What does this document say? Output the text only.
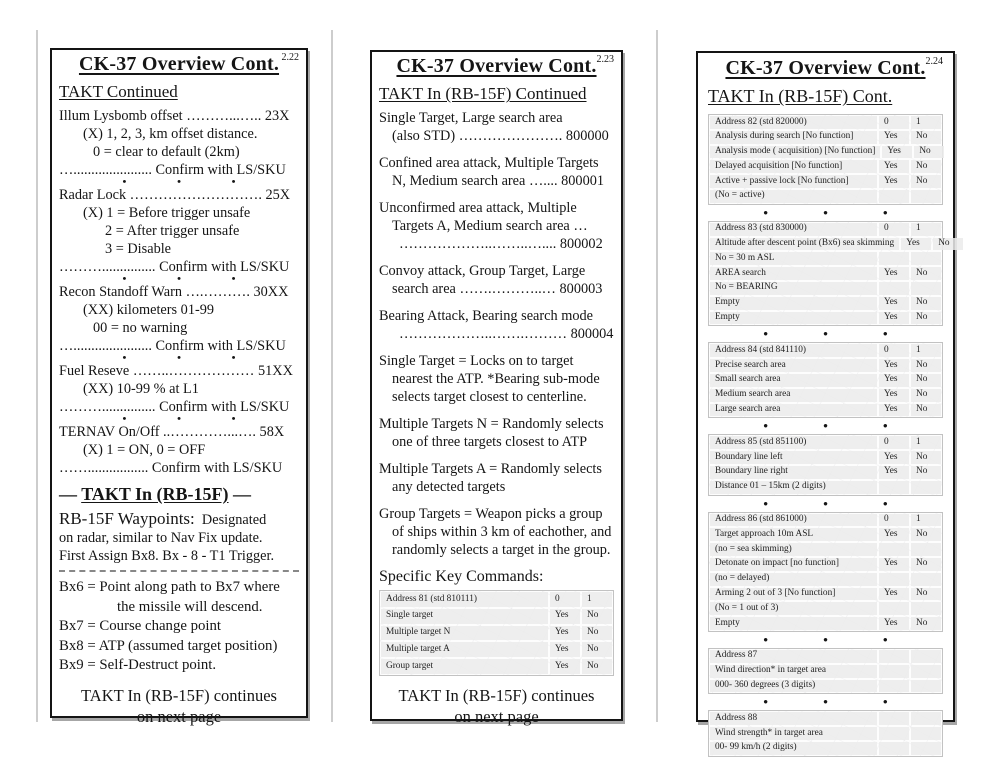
CK-37 Overview Cont. 2.22
TAKT Continued
Illum Lysbomb offset ………...….. 23X
(X) 1, 2, 3, km offset distance.
0 = clear to default (2km)
…...................... Confirm with LS/SKU
• • •
Radar Lock ………………………. 25X
(X) 1 = Before trigger unsafe
2 = After trigger unsafe
3 = Disable
………............... Confirm with LS/SKU
• • •
Recon Standoff Warn ….………. 30XX
(XX) kilometers 01-99
00 = no warning
…...................... Confirm with LS/SKU
• • •
Fuel Reseve ……..……………… 51XX
(XX) 10-99 % at L1
………............... Confirm with LS/SKU
• • •
TERNAV On/Off ..…………...…. 58X
(X) 1 = ON, 0 = OFF
……................. Confirm with LS/SKU
— TAKT In (RB-15F) —
RB-15F Waypoints: Designated
on radar, similar to Nav Fix update.
First Assign Bx8. Bx - 8 - T1 Trigger.
Bx6 = Point along path to Bx7 where
the missile will descend.
Bx7 = Course change point
Bx8 = ATP (assumed target position)
Bx9 = Self-Destruct point.
TAKT In (RB-15F) continues
on next page
CK-37 Overview Cont. 2.23
TAKT In (RB-15F) Continued
Single Target, Large search area
(also STD) …………………. 800000
Confined area attack, Multiple Targets
N, Medium search area ….... 800001
Unconfirmed area attack, Multiple
Targets A, Medium search area …
………………..……..….... 800002
Convoy attack, Group Target, Large
search area …….………..… 800003
Bearing Attack, Bearing search mode
………………..…….……… 800004
Single Target = Locks on to target
nearest the ATP. *Bearing sub-mode
selects target closest to centerline.
Multiple Targets N = Randomly selects
one of three targets closest to ATP
Multiple Targets A = Randomly selects
any detected targets
Group Targets = Weapon picks a group
of ships within 3 km of eachother, and
randomly selects a target in the group.
Specific Key Commands:
Address 81 (std 810111)	0	1
Single target	Yes	No
Multiple target N	Yes	No
Multiple target A	Yes	No
Group target	Yes	No
TAKT In (RB-15F) continues
on next page
CK-37 Overview Cont. 2.24
TAKT In (RB-15F) Cont.
Address 82 (std 820000)	0	1
Analysis during search [No function]	Yes	No
Analysis mode ( acquisition) [No function]	Yes	No
Delayed acquisition [No function]	Yes	No
Active + passive lock [No function]	Yes	No
(No = active)
• • •
Address 83 (std 830000)	0	1
Altitude after descent point (Bx6) sea skimming	Yes	No
No = 30 m ASL
AREA search	Yes	No
No = BEARING
Empty	Yes	No
Empty	Yes	No
• • •
Address 84 (std 841110)	0	1
Precise search area	Yes	No
Small search area	Yes	No
Medium search area	Yes	No
Large search area	Yes	No
• • •
Address 85 (std 851100)	0	1
Boundary line left	Yes	No
Boundary line right	Yes	No
Distance 01 – 15km (2 digits)
• • •
Address 86 (std 861000)	0	1
Target approach 10m ASL	Yes	No
(no = sea skimming)
Detonate on impact [no function]	Yes	No
(no = delayed)
Arming 2 out of 3 [No function]	Yes	No
(No = 1 out of 3)
Empty	Yes	No
• • •
Address 87
Wind direction* in target area
000- 360 degrees (3 digits)
• • •
Address 88
Wind strength* in target area
00- 99 km/h (2 digits)
